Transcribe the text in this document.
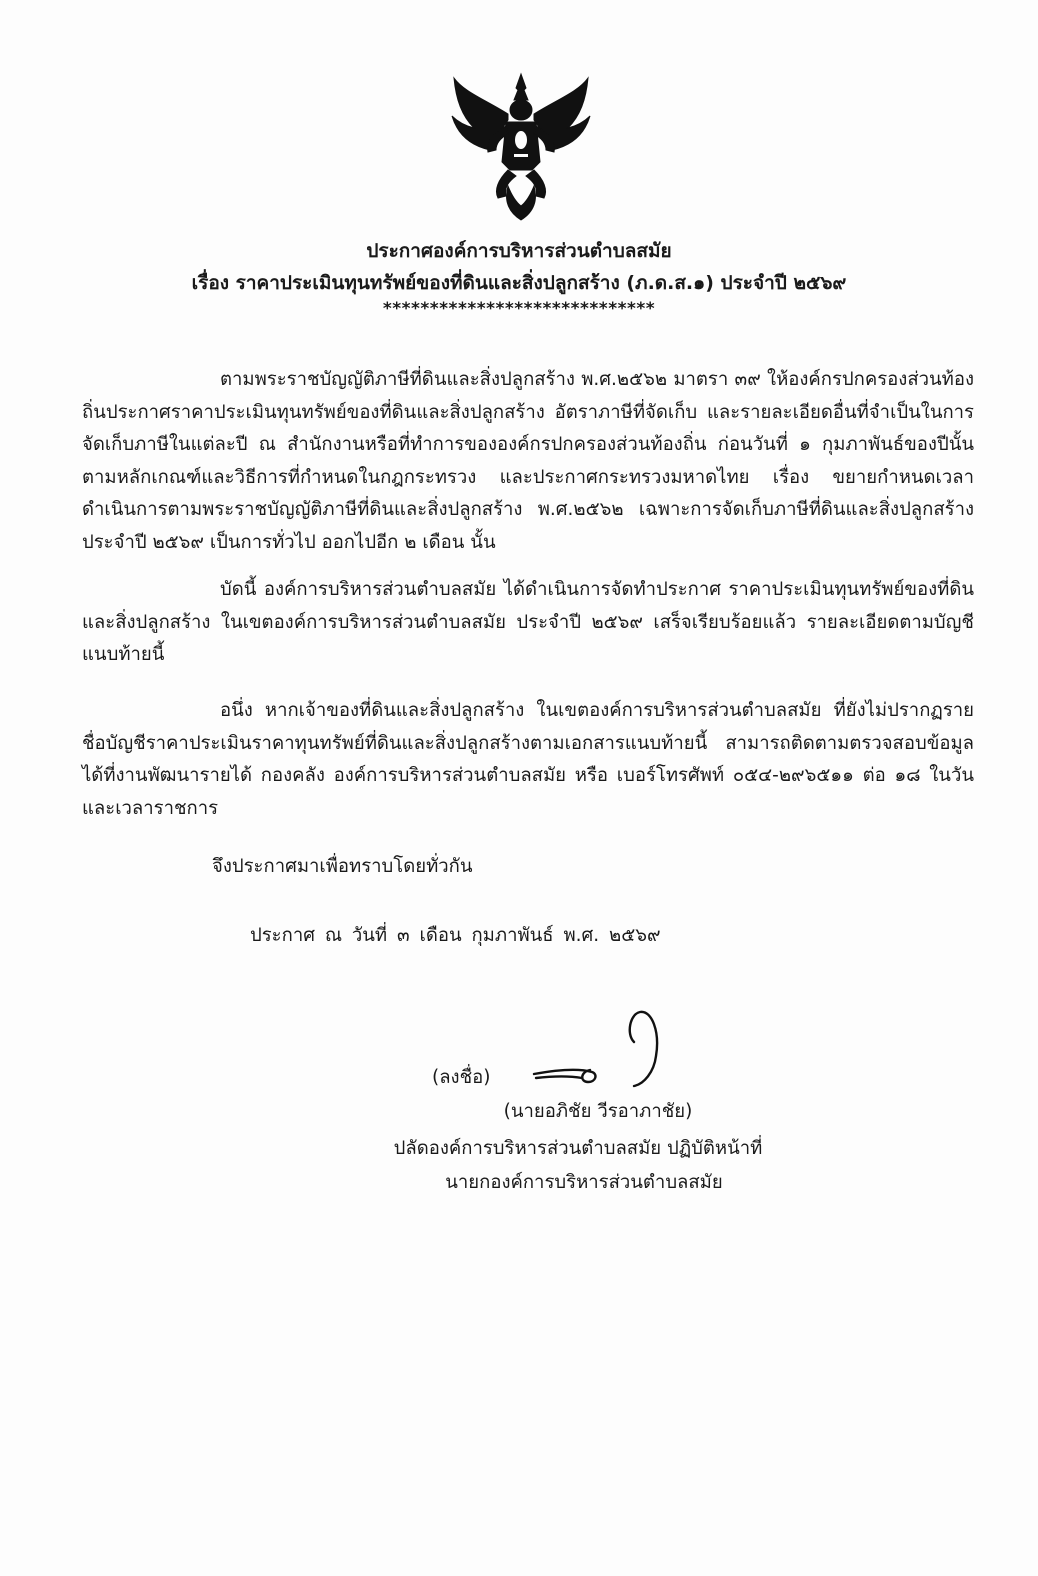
ประกาศองค์การบริหารส่วนตำบลสมัย
เรื่อง ราคาประเมินทุนทรัพย์ของที่ดินและสิ่งปลูกสร้าง (ภ.ด.ส.๑) ประจำปี ๒๕๖๙
*****************************
ตามพระราชบัญญัติภาษีที่ดินและสิ่งปลูกสร้าง พ.ศ.๒๕๖๒ มาตรา ๓๙ ให้องค์กรปกครองส่วนท้องถิ่นประกาศราคาประเมินทุนทรัพย์ของที่ดินและสิ่งปลูกสร้าง อัตราภาษีที่จัดเก็บ และรายละเอียดอื่นที่จำเป็นในการจัดเก็บภาษีในแต่ละปี ณ สำนักงานหรือที่ทำการขององค์กรปกครองส่วนท้องถิ่น ก่อนวันที่ ๑ กุมภาพันธ์ของปีนั้น ตามหลักเกณฑ์และวิธีการที่กำหนดในกฎกระทรวง และประกาศกระทรวงมหาดไทย เรื่อง ขยายกำหนดเวลาดำเนินการตามพระราชบัญญัติภาษีที่ดินและสิ่งปลูกสร้าง พ.ศ.๒๕๖๒ เฉพาะการจัดเก็บภาษีที่ดินและสิ่งปลูกสร้าง ประจำปี ๒๕๖๙ เป็นการทั่วไป ออกไปอีก ๒ เดือน นั้น
บัดนี้ องค์การบริหารส่วนตำบลสมัย ได้ดำเนินการจัดทำประกาศ ราคาประเมินทุนทรัพย์ของที่ดินและสิ่งปลูกสร้าง ในเขตองค์การบริหารส่วนตำบลสมัย ประจำปี ๒๕๖๙ เสร็จเรียบร้อยแล้ว รายละเอียดตามบัญชีแนบท้ายนี้
อนึ่ง หากเจ้าของที่ดินและสิ่งปลูกสร้าง ในเขตองค์การบริหารส่วนตำบลสมัย ที่ยังไม่ปรากฏรายชื่อบัญชีราคาประเมินราคาทุนทรัพย์ที่ดินและสิ่งปลูกสร้างตามเอกสารแนบท้ายนี้ สามารถติดตามตรวจสอบข้อมูลได้ที่งานพัฒนารายได้ กองคลัง องค์การบริหารส่วนตำบลสมัย หรือ เบอร์โทรศัพท์ ๐๕๔-๒๙๖๕๑๑ ต่อ ๑๘ ในวันและเวลาราชการ
จึงประกาศมาเพื่อทราบโดยทั่วกัน
ประกาศ ณ วันที่ ๓ เดือน กุมภาพันธ์ พ.ศ. ๒๕๖๙
(ลงชื่อ)
(นายอภิชัย วีรอาภาชัย)
ปลัดองค์การบริหารส่วนตำบลสมัย ปฏิบัติหน้าที่
นายกองค์การบริหารส่วนตำบลสมัย
